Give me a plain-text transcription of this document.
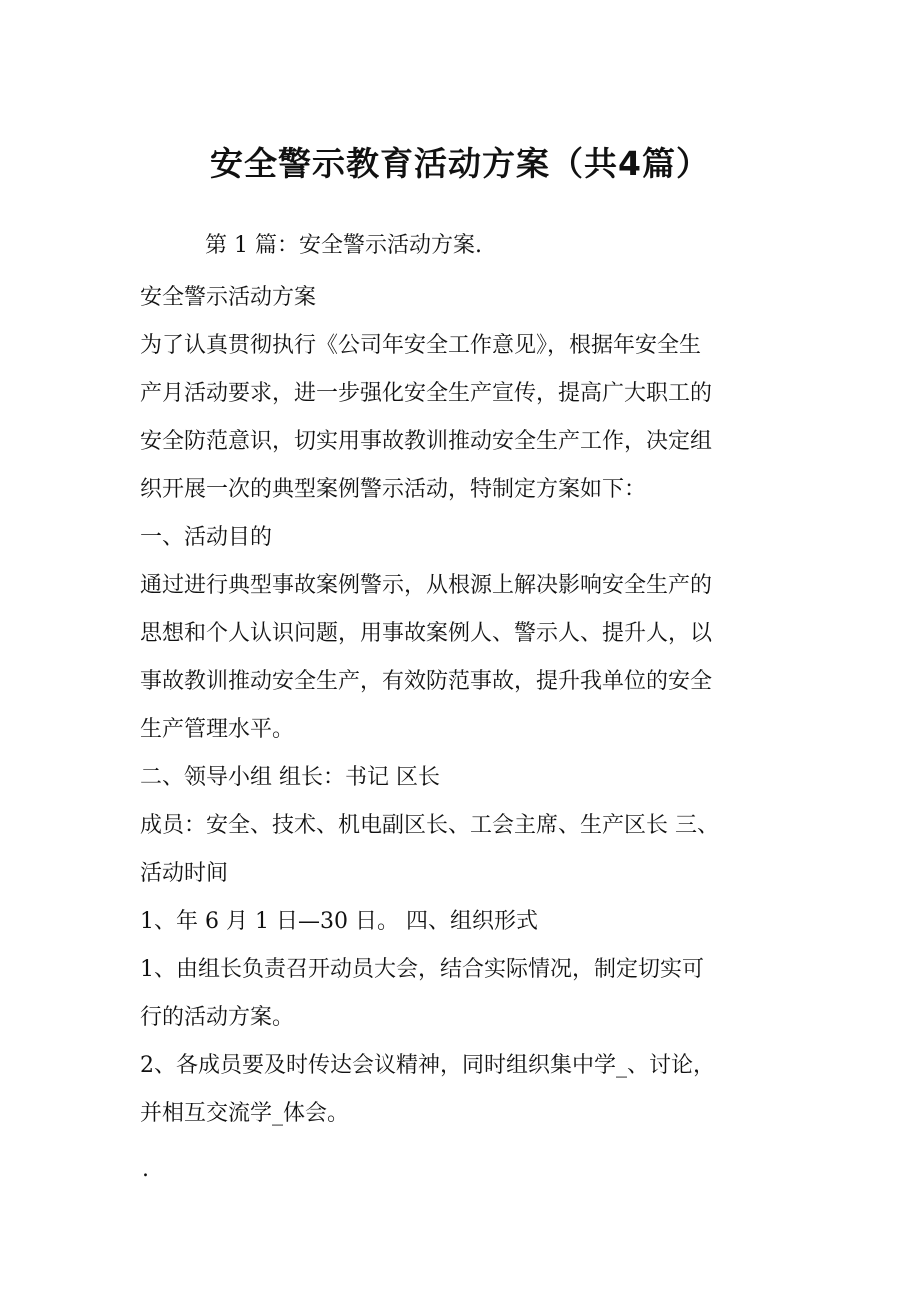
安全警示教育活动方案（共4篇）

第 1 篇：安全警示活动方案.

安全警示活动方案

为了认真贯彻执行《公司年安全工作意见》，根据年安全生

产月活动要求，进一步强化安全生产宣传，提高广大职工的

安全防范意识，切实用事故教训推动安全生产工作，决定组

织开展一次的典型案例警示活动，特制定方案如下：

一、活动目的

通过进行典型事故案例警示，从根源上解决影响安全生产的

思想和个人认识问题，用事故案例人、警示人、提升人，以

事故教训推动安全生产，有效防范事故，提升我单位的安全

生产管理水平。

二、领导小组 组长：书记 区长

成员：安全、技术、机电副区长、工会主席、生产区长 三、

活动时间

1、年 6 月 1 日—30 日。 四、组织形式

1、由组长负责召开动员大会，结合实际情况，制定切实可

行的活动方案。

2、各成员要及时传达会议精神，同时组织集中学_、讨论，

并相互交流学_体会。

.
